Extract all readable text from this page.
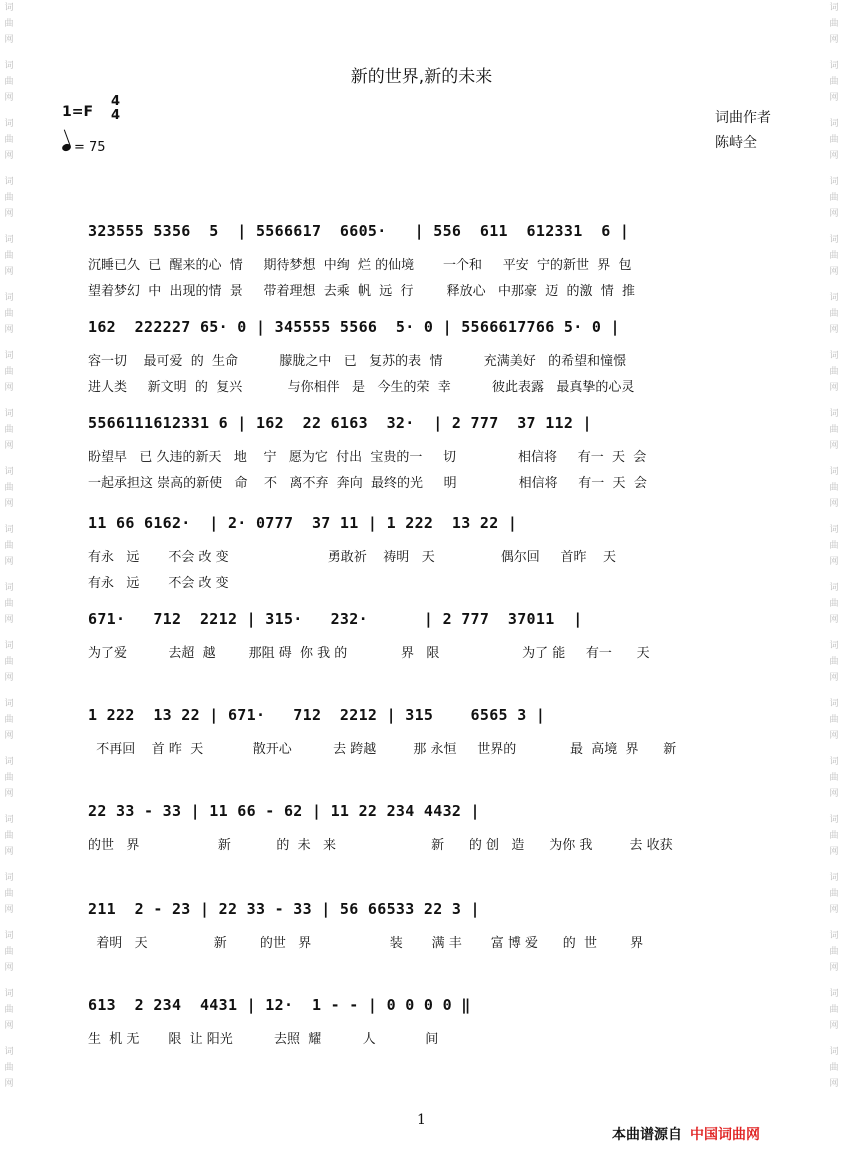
词
曲
网
词
曲
网
词
曲
网
词
曲
网
词
曲
网
词
曲
网
词
曲
网
词
曲
网
词
曲
网
词
曲
网
词
曲
网
词
曲
网
词
曲
网
词
曲
网
词
曲
网
词
曲
网
词
曲
网
词
曲
网
词
曲
网
词
曲
网
词
曲
网
词
曲
网
词
曲
网
词
曲
网
词
曲
网
词
曲
网
词
曲
网
词
曲
网
词
曲
网
词
曲
网
词
曲
网
词
曲
网
词
曲
网
词
曲
网
词
曲
网
词
曲
网
词
曲
网
词
曲
网
新的世界,新的未来
1=F
4
4
= 75
词曲作者
陈峙全
323555 5356  5  | 5566617  6605·   | 556  611  612331  6 |
沉睡已久  已  醒来的心  情     期待梦想  中绚  烂 的仙境       一个和     平安  宁的新世  界  包
望着梦幻  中  出现的情  景     带着理想  去乘  帆  远  行        释放心   中那豪  迈  的激  情  推
162  222227 65· 0 | 345555 5566  5· 0 | 5566617766 5· 0 |
容一切    最可爱  的  生命          朦胧之中   已   复苏的表  情          充满美好   的希望和憧憬
进人类     新文明  的  复兴           与你相伴   是   今生的荣  幸          彼此表露   最真挚的心灵
5566111612331 6 | 162  22 6163  32·  | 2 777  37 112 |
盼望早   已 久违的新天   地    宁   愿为它  付出  宝贵的一     切               相信将     有一  天  会
一起承担这 崇高的新使   命    不   离不弃  奔向  最终的光     明               相信将     有一  天  会
11 66 6162·  | 2· 0777  37 11 | 1 222  13 22 |
有永   远       不会 改 变                        勇敢祈    祷明   天                偶尔回     首昨    天
有永   远       不会 改 变
671·   712  2212 | 315·   232·      | 2 777  37011  |
为了爱          去超  越        那阻 碍  你 我 的             界   限                    为了 能     有一      天
1 222  13 22 | 671·   712  2212 | 315    6565 3 |
不再回    首 昨  天            散开心          去 跨越         那 永恒     世界的             最  高境  界      新
22 33 - 33 | 11 66 - 62 | 11 22 234 4432 |
的世   界                   新           的  未   来                       新      的 创   造      为你 我         去 收获
211  2 - 23 | 22 33 - 33 | 56 66533 22 3 |
着明   天                新        的世   界                   装       满 丰       富 博 爱      的  世        界
613  2 234  4431 | 12·  1 - - | 0 0 0 0 ‖
生  机 无       限  让 阳光          去照  耀          人            间
1
本曲谱源自 中国词曲网
